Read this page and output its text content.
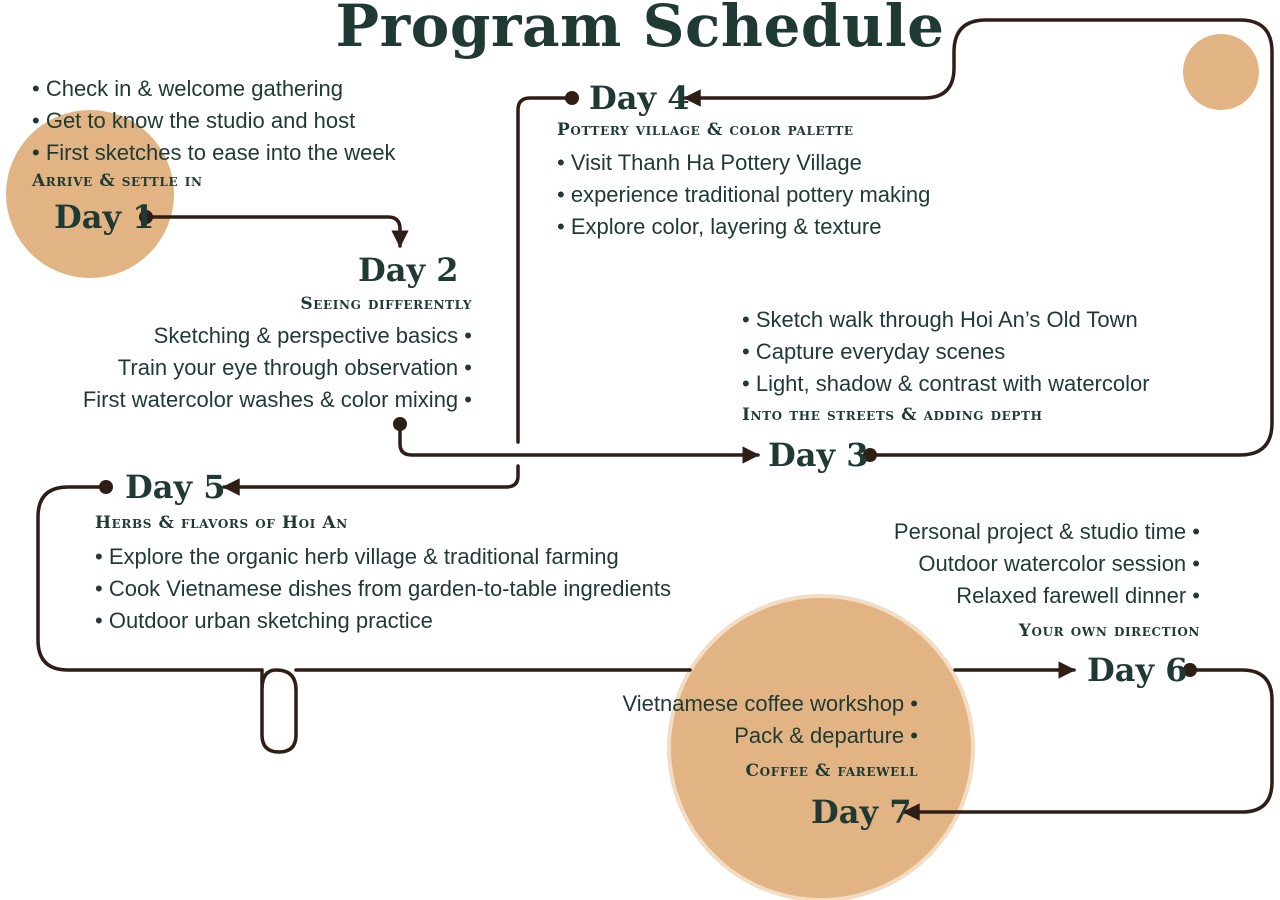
Program Schedule
• Check in & welcome gathering
• Get to know the studio and host
• First sketches to ease into the week
Arrive & settle in
Day 1
Day 2
Seeing differently
Sketching & perspective basics •
Train your eye through observation •
First watercolor washes & color mixing •
• Sketch walk through Hoi An’s Old Town
• Capture everyday scenes
• Light, shadow & contrast with watercolor
Into the streets & adding depth
Day 3
Day 4
Pottery village & color palette
• Visit Thanh Ha Pottery Village
• experience traditional pottery making
• Explore color, layering & texture
Day 5
Herbs & flavors of Hoi An
• Explore the organic herb village & traditional farming
• Cook Vietnamese dishes from garden-to-table ingredients
• Outdoor urban sketching practice
Personal project & studio time •
Outdoor watercolor session •
Relaxed farewell dinner •
Your own direction
Day 6
Vietnamese coffee workshop •
Pack & departure •
Coffee & farewell
Day 7
